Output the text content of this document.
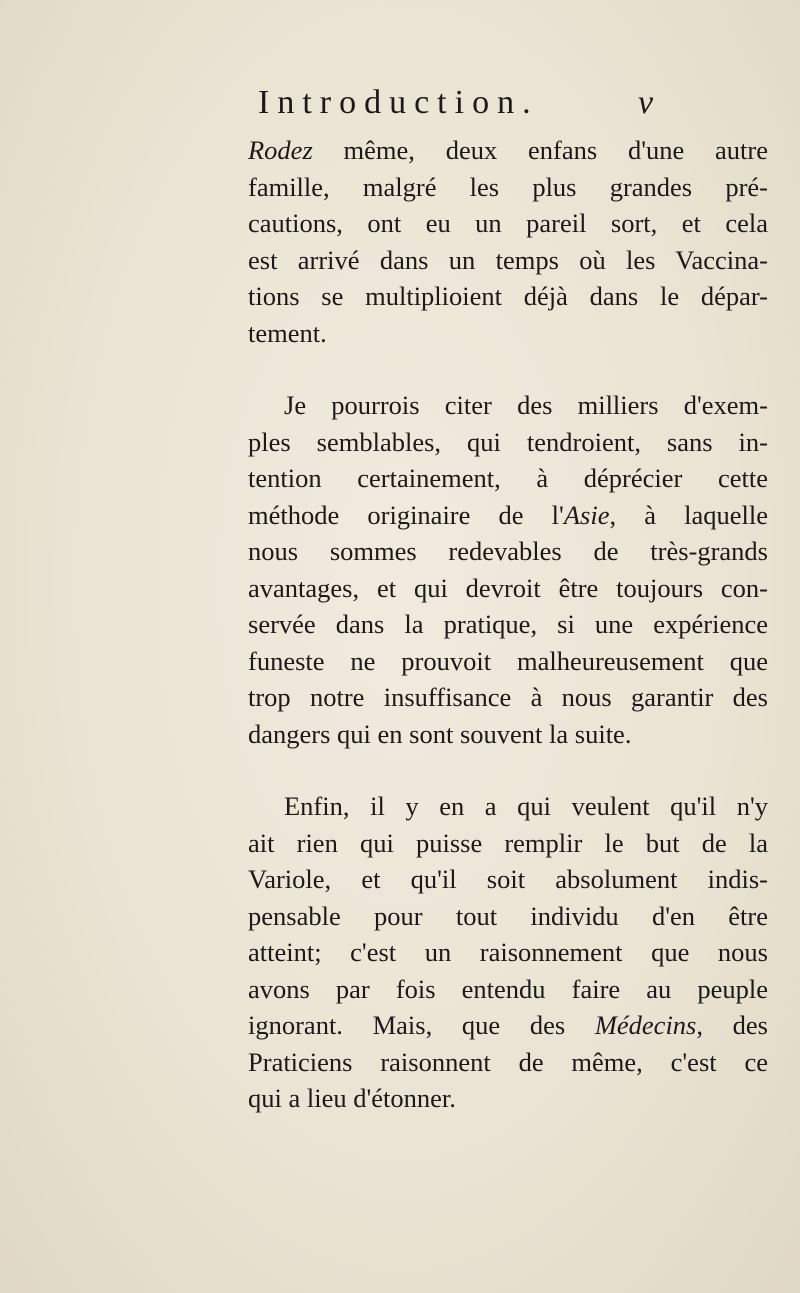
Introduction.	v

Rodez même, deux enfans d'une autre
famille, malgré les plus grandes pré-
cautions, ont eu un pareil sort, et cela
est arrivé dans un temps où les Vaccina-
tions se multiplioient déjà dans le dépar-
tement.

Je pourrois citer des milliers d'exem-
ples semblables, qui tendroient, sans in-
tention certainement, à déprécier cette
méthode originaire de l'Asie, à laquelle
nous sommes redevables de très-grands
avantages, et qui devroit être toujours con-
servée dans la pratique, si une expérience
funeste ne prouvoit malheureusement que
trop notre insuffisance à nous garantir des
dangers qui en sont souvent la suite.

Enfin, il y en a qui veulent qu'il n'y
ait rien qui puisse remplir le but de la
Variole, et qu'il soit absolument indis-
pensable pour tout individu d'en être
atteint; c'est un raisonnement que nous
avons par fois entendu faire au peuple
ignorant. Mais, que des Médecins, des
Praticiens raisonnent de même, c'est ce
qui a lieu d'étonner.
